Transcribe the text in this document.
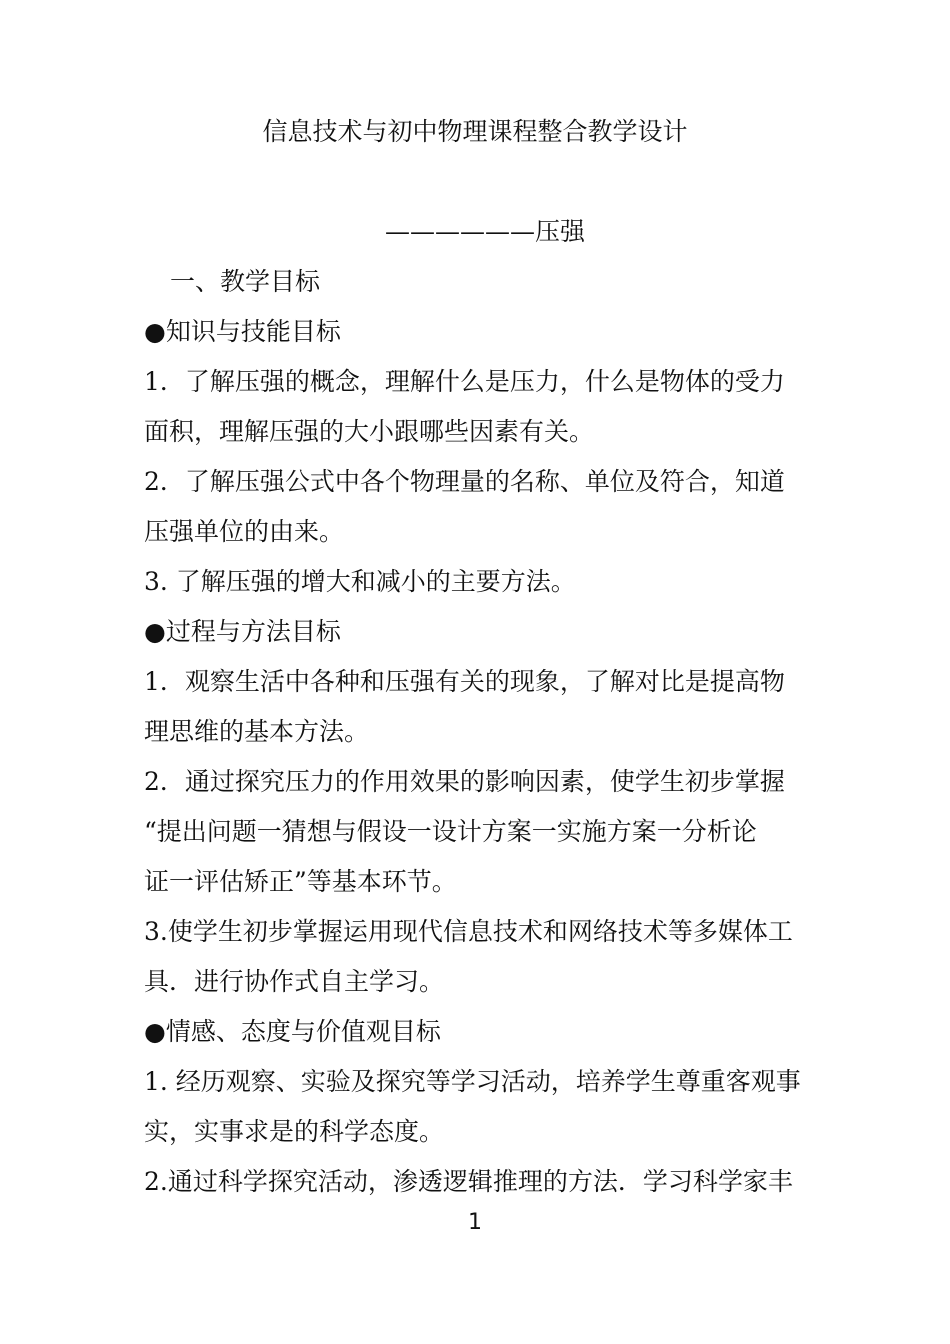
信息技术与初中物理课程整合教学设计
——————压强
一、教学目标
●知识与技能目标
1．了解压强的概念，理解什么是压力，什么是物体的受力
面积，理解压强的大小跟哪些因素有关。
2．了解压强公式中各个物理量的名称、单位及符合，知道
压强单位的由来。
3. 了解压强的增大和减小的主要方法。
●过程与方法目标
1．观察生活中各种和压强有关的现象，了解对比是提高物
理思维的基本方法。
2．通过探究压力的作用效果的影响因素，使学生初步掌握
“提出问题一猜想与假设一设计方案一实施方案一分析论
证一评估矫正”等基本环节。
3.使学生初步掌握运用现代信息技术和网络技术等多媒体工
具．进行协作式自主学习。
●情感、态度与价值观目标
1. 经历观察、实验及探究等学习活动，培养学生尊重客观事
实，实事求是的科学态度。
2.通过科学探究活动，渗透逻辑推理的方法．学习科学家丰
1
